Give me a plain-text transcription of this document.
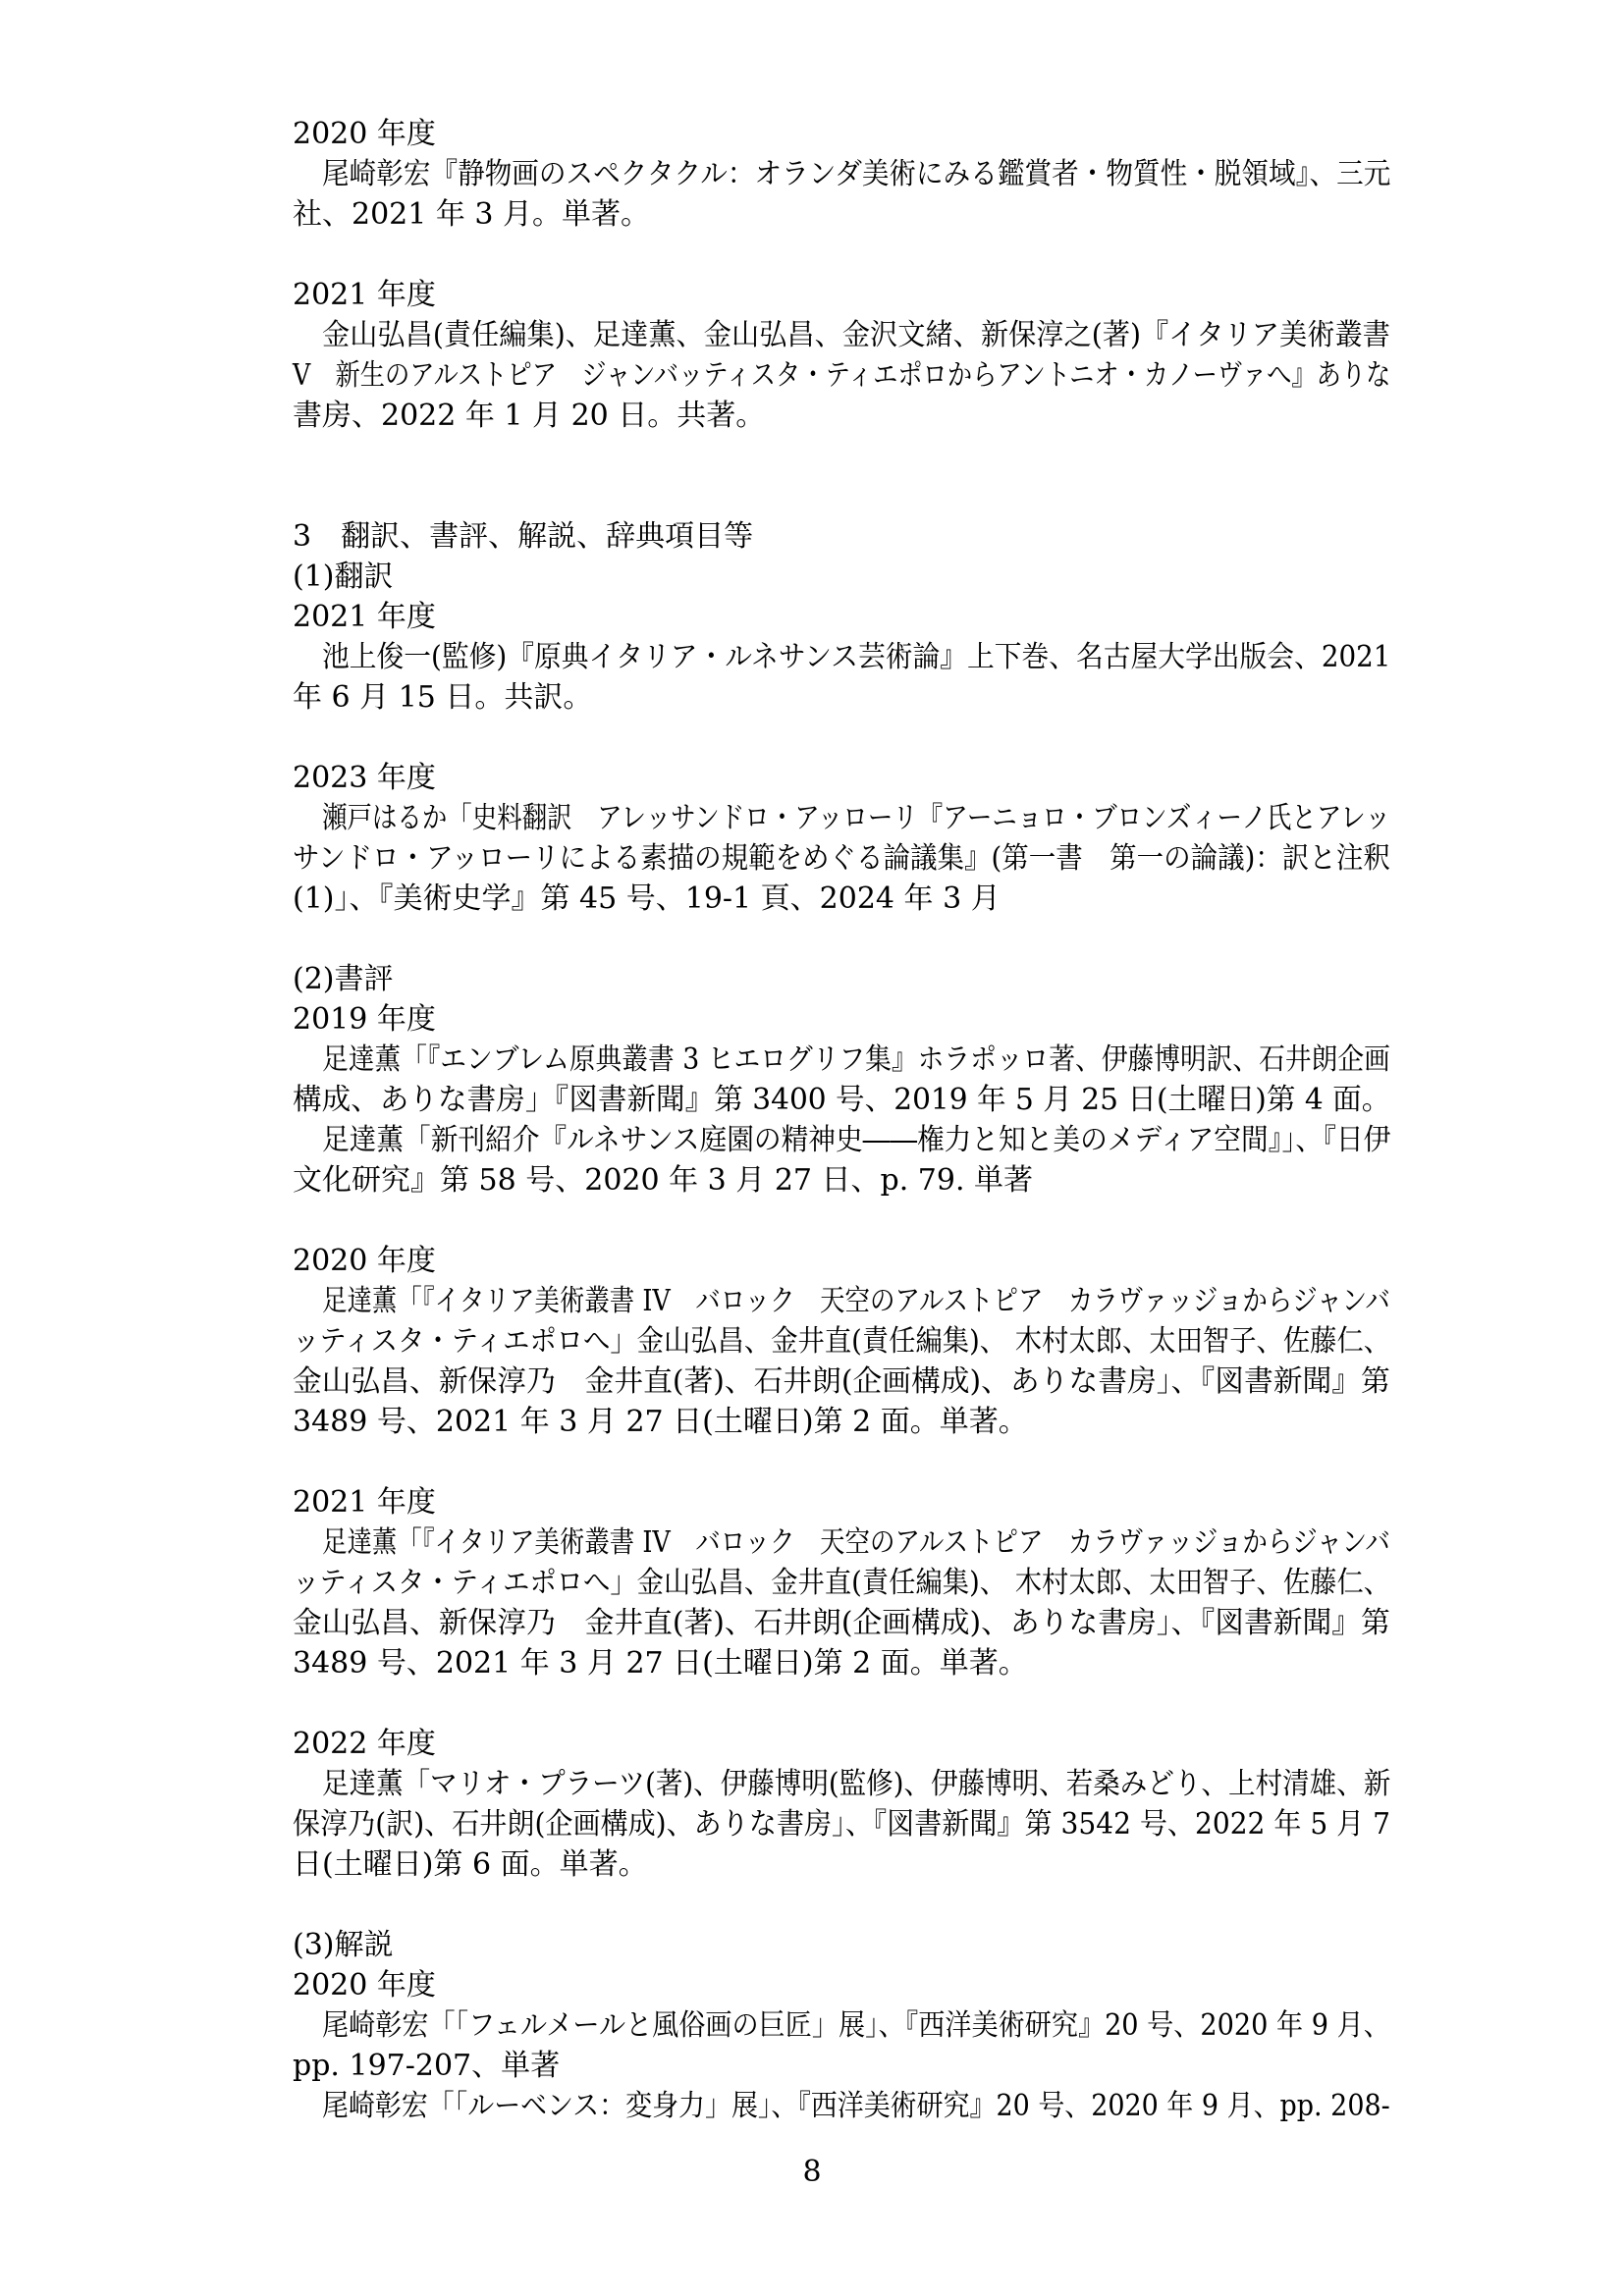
2020 年度
尾崎彰宏『静物画のスペクタクル：オランダ美術にみる鑑賞者・物質性・脱領域』、三元
社、2021 年 3 月。単著。
2021 年度
金山弘昌(責任編集)、足達薫、金山弘昌、金沢文緒、新保淳之(著)『イタリア美術叢書
V　新生のアルストピア　ジャンバッティスタ・ティエポロからアントニオ・カノーヴァへ』ありな
書房、2022 年 1 月 20 日。共著。
3　翻訳、書評、解説、辞典項目等
(1)翻訳
2021 年度
池上俊一(監修)『原典イタリア・ルネサンス芸術論』上下巻、名古屋大学出版会、2021
年 6 月 15 日。共訳。
2023 年度
瀬戸はるか「史料翻訳　アレッサンドロ・アッローリ『アーニョロ・ブロンズィーノ氏とアレッ
サンドロ・アッローリによる素描の規範をめぐる論議集』(第一書　第一の論議)：訳と注釈
(1)」、『美術史学』第 45 号、19-1 頁、2024 年 3 月
(2)書評
2019 年度
足達薫「『エンブレム原典叢書 3 ヒエログリフ集』ホラポッロ著、伊藤博明訳、石井朗企画
構成、ありな書房」『図書新聞』第 3400 号、2019 年 5 月 25 日(土曜日)第 4 面。
足達薫「新刊紹介『ルネサンス庭園の精神史――権力と知と美のメディア空間』」、『日伊
文化研究』第 58 号、2020 年 3 月 27 日、p. 79. 単著
2020 年度
足達薫「『イタリア美術叢書 IV　バロック　天空のアルストピア　カラヴァッジョからジャンバ
ッティスタ・ティエポロへ」金山弘昌、金井直(責任編集)、 木村太郎、太田智子、佐藤仁、
金山弘昌、新保淳乃　金井直(著)、石井朗(企画構成)、ありな書房」、『図書新聞』第
3489 号、2021 年 3 月 27 日(土曜日)第 2 面。単著。
2021 年度
足達薫「『イタリア美術叢書 IV　バロック　天空のアルストピア　カラヴァッジョからジャンバ
ッティスタ・ティエポロへ」金山弘昌、金井直(責任編集)、 木村太郎、太田智子、佐藤仁、
金山弘昌、新保淳乃　金井直(著)、石井朗(企画構成)、ありな書房」、『図書新聞』第
3489 号、2021 年 3 月 27 日(土曜日)第 2 面。単著。
2022 年度
足達薫「マリオ・プラーツ(著)、伊藤博明(監修)、伊藤博明、若桑みどり、上村清雄、新
保淳乃(訳)、石井朗(企画構成)、ありな書房」、『図書新聞』第 3542 号、2022 年 5 月 7
日(土曜日)第 6 面。単著。
(3)解説
2020 年度
尾崎彰宏「「フェルメールと風俗画の巨匠」展」、『西洋美術研究』20 号、2020 年 9 月、
pp. 197-207、単著
尾崎彰宏「「ルーベンス：変身力」展」、『西洋美術研究』20 号、2020 年 9 月、pp. 208-
8
